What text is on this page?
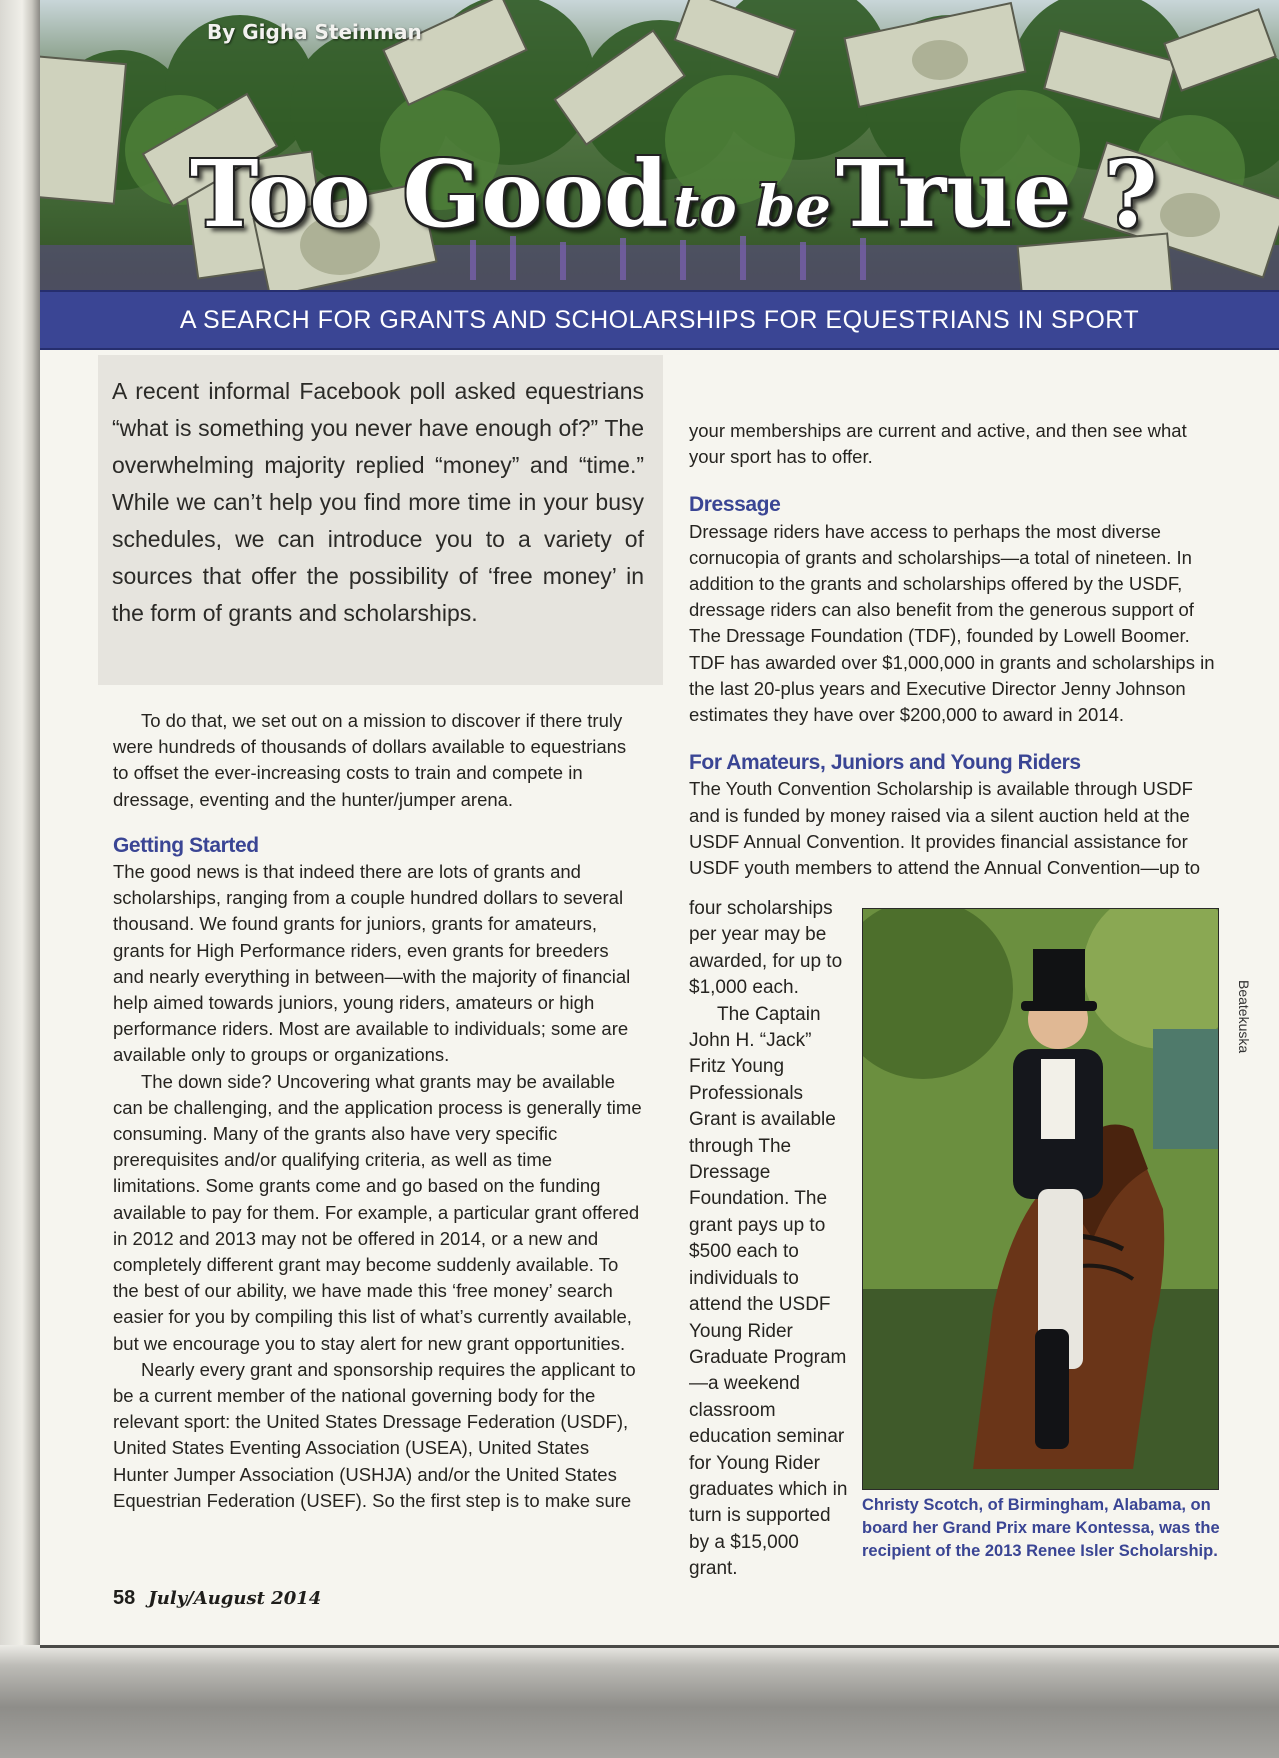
By Gigha Steinman
Too Good to be True ?
A SEARCH FOR GRANTS AND SCHOLARSHIPS FOR EQUESTRIANS IN SPORT
A recent informal Facebook poll asked equestrians “what is something you never have enough of?” The overwhelming majority replied “money” and “time.” While we can’t help you find more time in your busy schedules, we can introduce you to a variety of sources that offer the possibility of ‘free money’ in the form of grants and scholarships.

To do that, we set out on a mission to discover if there truly were hundreds of thousands of dollars available to equestrians to offset the ever-increasing costs to train and compete in dressage, eventing and the hunter/jumper arena.

Getting Started

The good news is that indeed there are lots of grants and scholarships, ranging from a couple hundred dollars to several thousand. We found grants for juniors, grants for amateurs, grants for High Performance riders, even grants for breeders and nearly everything in between—with the majority of financial help aimed towards juniors, young riders, amateurs or high performance riders. Most are available to individuals; some are available only to groups or organizations.

The down side? Uncovering what grants may be available can be challenging, and the application process is generally time consuming. Many of the grants also have very specific prerequisites and/or qualifying criteria, as well as time limitations. Some grants come and go based on the funding available to pay for them. For example, a particular grant offered in 2012 and 2013 may not be offered in 2014, or a new and completely different grant may become suddenly available. To the best of our ability, we have made this ‘free money’ search easier for you by compiling this list of what’s currently available, but we encourage you to stay alert for new grant opportunities.

Nearly every grant and sponsorship requires the applicant to be a current member of the national governing body for the relevant sport: the United States Dressage Federation (USDF), United States Eventing Association (USEA), United States Hunter Jumper Association (USHJA) and/or the United States Equestrian Federation (USEF). So the first step is to make sure

your memberships are current and active, and then see what your sport has to offer.

Dressage

Dressage riders have access to perhaps the most diverse cornucopia of grants and scholarships—a total of nineteen. In addition to the grants and scholarships offered by the USDF, dressage riders can also benefit from the generous support of The Dressage Foundation (TDF), founded by Lowell Boomer. TDF has awarded over $1,000,000 in grants and scholarships in the last 20-plus years and Executive Director Jenny Johnson estimates they have over $200,000 to award in 2014.

For Amateurs, Juniors and Young Riders

The Youth Convention Scholarship is available through USDF and is funded by money raised via a silent auction held at the USDF Annual Convention. It provides financial assistance for USDF youth members to attend the Annual Convention—up to

four scholarships per year may be awarded, for up to $1,000 each.

The Captain John H. “Jack” Fritz Young Professionals Grant is available through The Dressage Foundation. The grant pays up to $500 each to individuals to attend the USDF Young Rider Graduate Program—a weekend classroom education seminar for Young Rider graduates which in turn is supported by a $15,000 grant.

Beatekuska
Christy Scotch, of Birmingham, Alabama, on board her Grand Prix mare Kontessa, was the recipient of the 2013 Renee Isler Scholarship.
58 July/August 2014
